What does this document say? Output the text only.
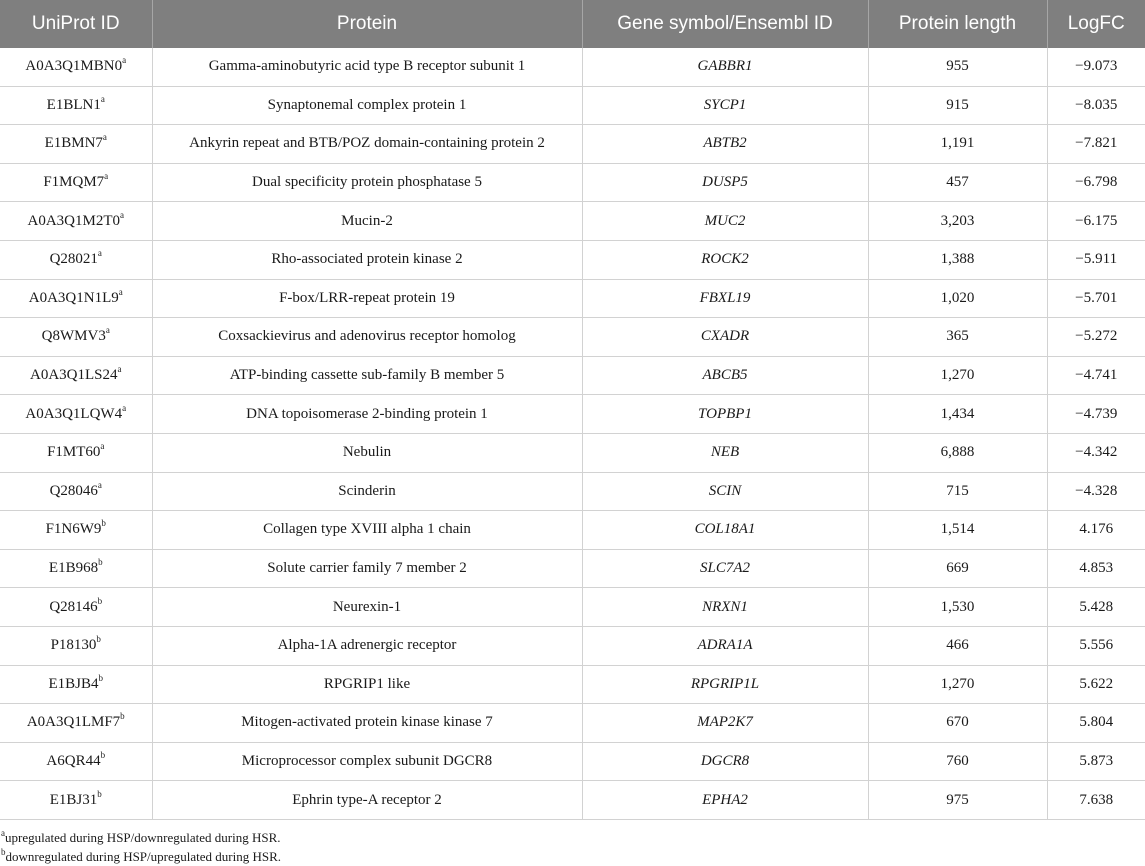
UniProt ID	Protein	Gene symbol/Ensembl ID	Protein length	LogFC
A0A3Q1MBN0$^a$	Gamma-aminobutyric acid type B receptor subunit 1	GABBR1	955	−9.073
E1BLN1$^a$	Synaptonemal complex protein 1	SYCP1	915	−8.035
E1BMN7$^a$	Ankyrin repeat and BTB/POZ domain-containing protein 2	ABTB2	1,191	−7.821
F1MQM7$^a$	Dual specificity protein phosphatase 5	DUSP5	457	−6.798
A0A3Q1M2T0$^a$	Mucin-2	MUC2	3,203	−6.175
Q28021$^a$	Rho-associated protein kinase 2	ROCK2	1,388	−5.911
A0A3Q1N1L9$^a$	F-box/LRR-repeat protein 19	FBXL19	1,020	−5.701
Q8WMV3$^a$	Coxsackievirus and adenovirus receptor homolog	CXADR	365	−5.272
A0A3Q1LS24$^a$	ATP-binding cassette sub-family B member 5	ABCB5	1,270	−4.741
A0A3Q1LQW4$^a$	DNA topoisomerase 2-binding protein 1	TOPBP1	1,434	−4.739
F1MT60$^a$	Nebulin	NEB	6,888	−4.342
Q28046$^a$	Scinderin	SCIN	715	−4.328
F1N6W9$^b$	Collagen type XVIII alpha 1 chain	COL18A1	1,514	4.176
E1B968$^b$	Solute carrier family 7 member 2	SLC7A2	669	4.853
Q28146$^b$	Neurexin-1	NRXN1	1,530	5.428
P18130$^b$	Alpha-1A adrenergic receptor	ADRA1A	466	5.556
E1BJB4$^b$	RPGRIP1 like	RPGRIP1L	1,270	5.622
A0A3Q1LMF7$^b$	Mitogen-activated protein kinase kinase 7	MAP2K7	670	5.804
A6QR44$^b$	Microprocessor complex subunit DGCR8	DGCR8	760	5.873
E1BJ31$^b$	Ephrin type-A receptor 2	EPHA2	975	7.638
$^a$upregulated during HSP/downregulated during HSR.
$^b$downregulated during HSP/upregulated during HSR.
